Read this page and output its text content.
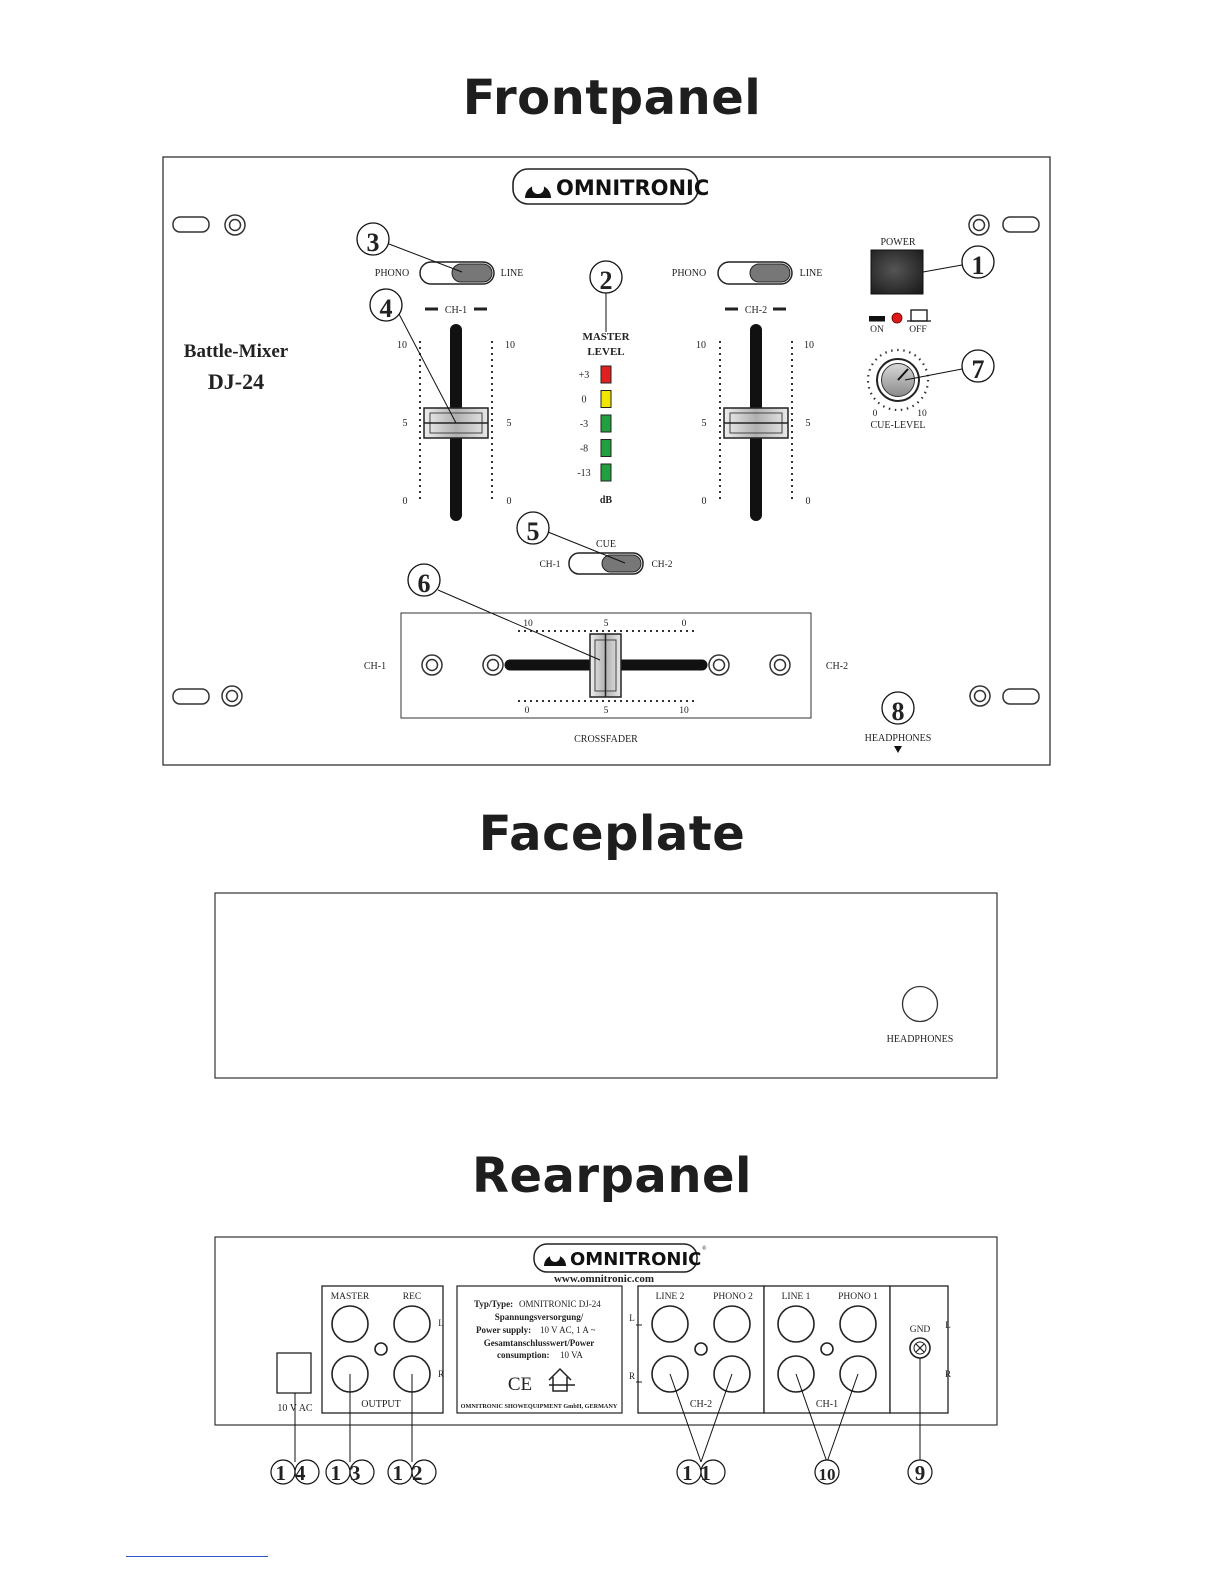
Frontpanel
Faceplate
Rearpanel
OMNITRONIC
Battle-Mixer
DJ-24
PHONO	LINE	PHONO	LINE
CH-1	CH-2
10	10
5	5
0	0
10	10
5	5
0	0
MASTER
LEVEL
+3
0
-3
-8
-13
dB
CUE
CH-1	CH-2
10	5	0
0	5	10
CH-1	CH-2
CROSSFADER
POWER
ON	OFF
0	10
CUE-LEVEL
HEADPHONES
1
2
3
4
5
6
7
8
HEADPHONES
OMNITRONIC ®
www.omnitronic.com
10 V AC
MASTER	REC
L
R
OUTPUT
Typ/Type: OMNITRONIC DJ-24
Spannungsversorgung/
Power supply: 10 V AC, 1 A ~
Gesamtanschlusswert/Power
consumption: 10 VA
CE
OMNITRONIC SHOWEQUIPMENT GmbH, GERMANY
LINE 2	PHONO 2
L
R
CH-2
LINE 1	PHONO 1
CH-1
GND L
R
14 13 12	11	10	9
